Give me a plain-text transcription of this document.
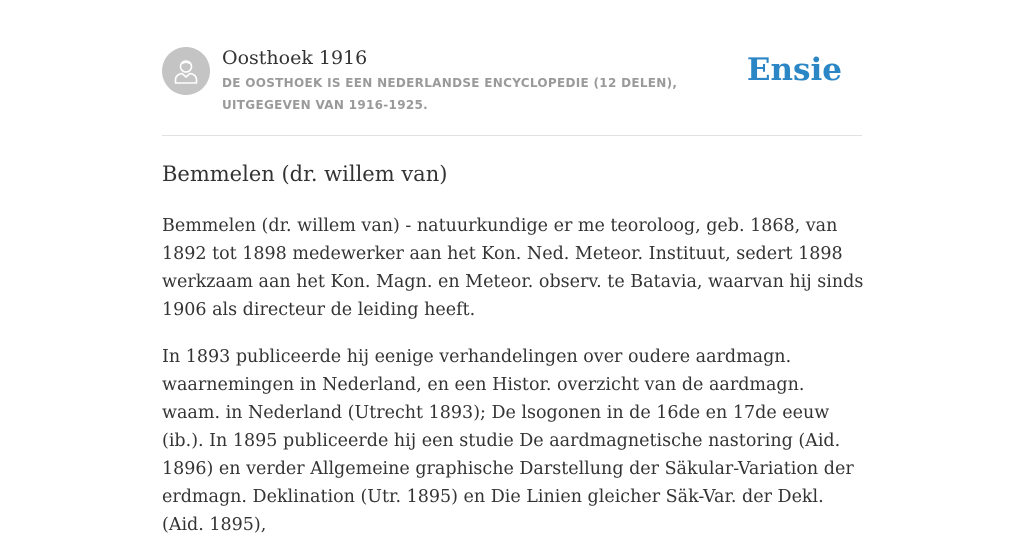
Oosthoek 1916
DE OOSTHOEK IS EEN NEDERLANDSE ENCYCLOPEDIE (12 DELEN), UITGEGEVEN VAN 1916-1925.
Ensie
Bemmelen (dr. willem van)

Bemmelen (dr. willem van) - natuurkundige er me teoroloog, geb. 1868, van 1892 tot 1898 medewerker aan het Kon. Ned. Meteor. Instituut, sedert 1898 werkzaam aan het Kon. Magn. en Meteor. observ. te Batavia, waarvan hij sinds 1906 als directeur de leiding heeft.

In 1893 publiceerde hij eenige verhandelingen over oudere aardmagn. waarnemingen in Nederland, en een Histor. overzicht van de aardmagn. waam. in Nederland (Utrecht 1893); De lsogonen in de 16de en 17de eeuw (ib.). In 1895 publiceerde hij een studie De aardmagnetische nastoring (Aid. 1896) en verder Allgemeine graphische Darstellung der Säkular-Variation der erdmagn. Deklination (Utr. 1895) en Die Linien gleicher Säk-Var. der Dekl. (Aid. 1895),
